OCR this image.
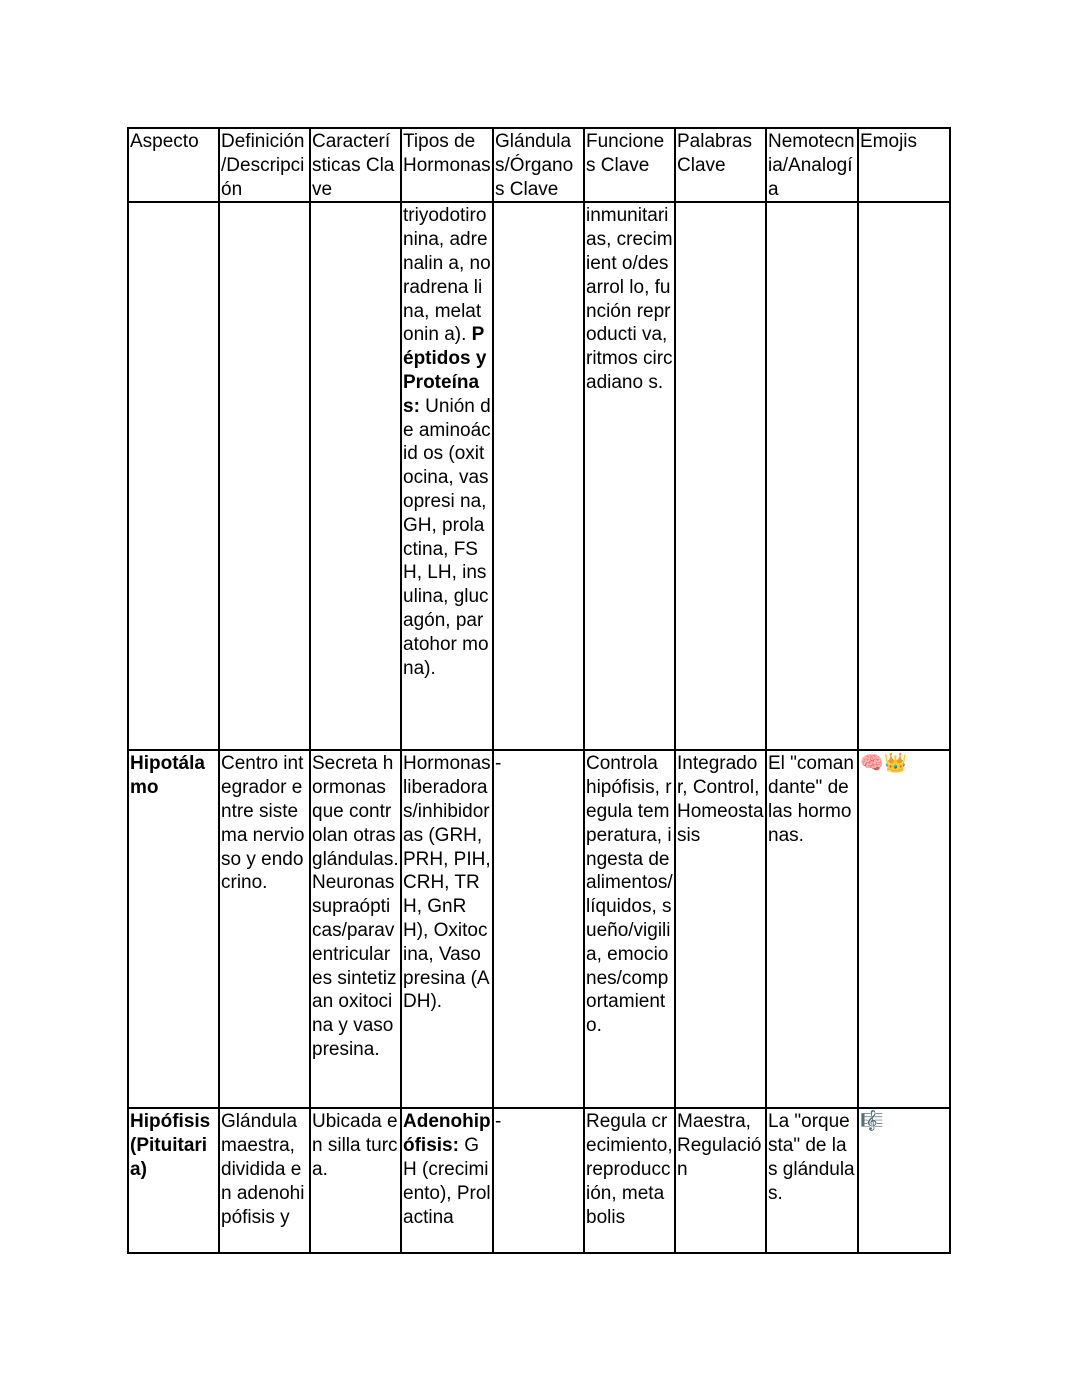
Aspecto	Definición /Descripci ón	Características Clave	Tipos de Hormonas	Glándulas/Órganos Clave	Funciones Clave	Palabras Clave	Nemotecnia/Analogía	Emojis
			triyodotiro nina, adrenalin a, noradrena lina, melatonin a). Péptidos y Proteínas: Unión de aminoácid os (oxitocina, vasopresi na, GH, prolactina, FSH, LH, insulina, glucagón, paratohor mona).		inmunitari as, crecimient o/desarrol lo, función reproducti va, ritmos circadiano s.			
Hipotálamo	Centro integrador entre sistema nervioso y endocrino.	Secreta hormonas que controlan otras glándulas. Neuronas supraópticas/paraventriculares sintetizan oxitocina y vasopresina.	Hormonas liberadoras/inhibidoras (GRH, PRH, PIH, CRH, TRH, GnRH), Oxitocina, Vasopresina (ADH).	-	Controla hipófisis, regula temperatura, ingesta de alimentos/ líquidos, sueño/vigilia, emociones/comportamiento.	Integrador, Control, Homeostasis	El "comandante" de las hormonas.	🧠👑
Hipófisis (Pituitaria)	Glándula maestra, dividida en adenohipófisis y	Ubicada en silla turca.	Adenohipófisis: GH (crecimiento), Prolactina	-	Regula crecimiento, reproducción, metabolis	Maestra, Regulación	La "orquesta" de las glándulas.	🎼
